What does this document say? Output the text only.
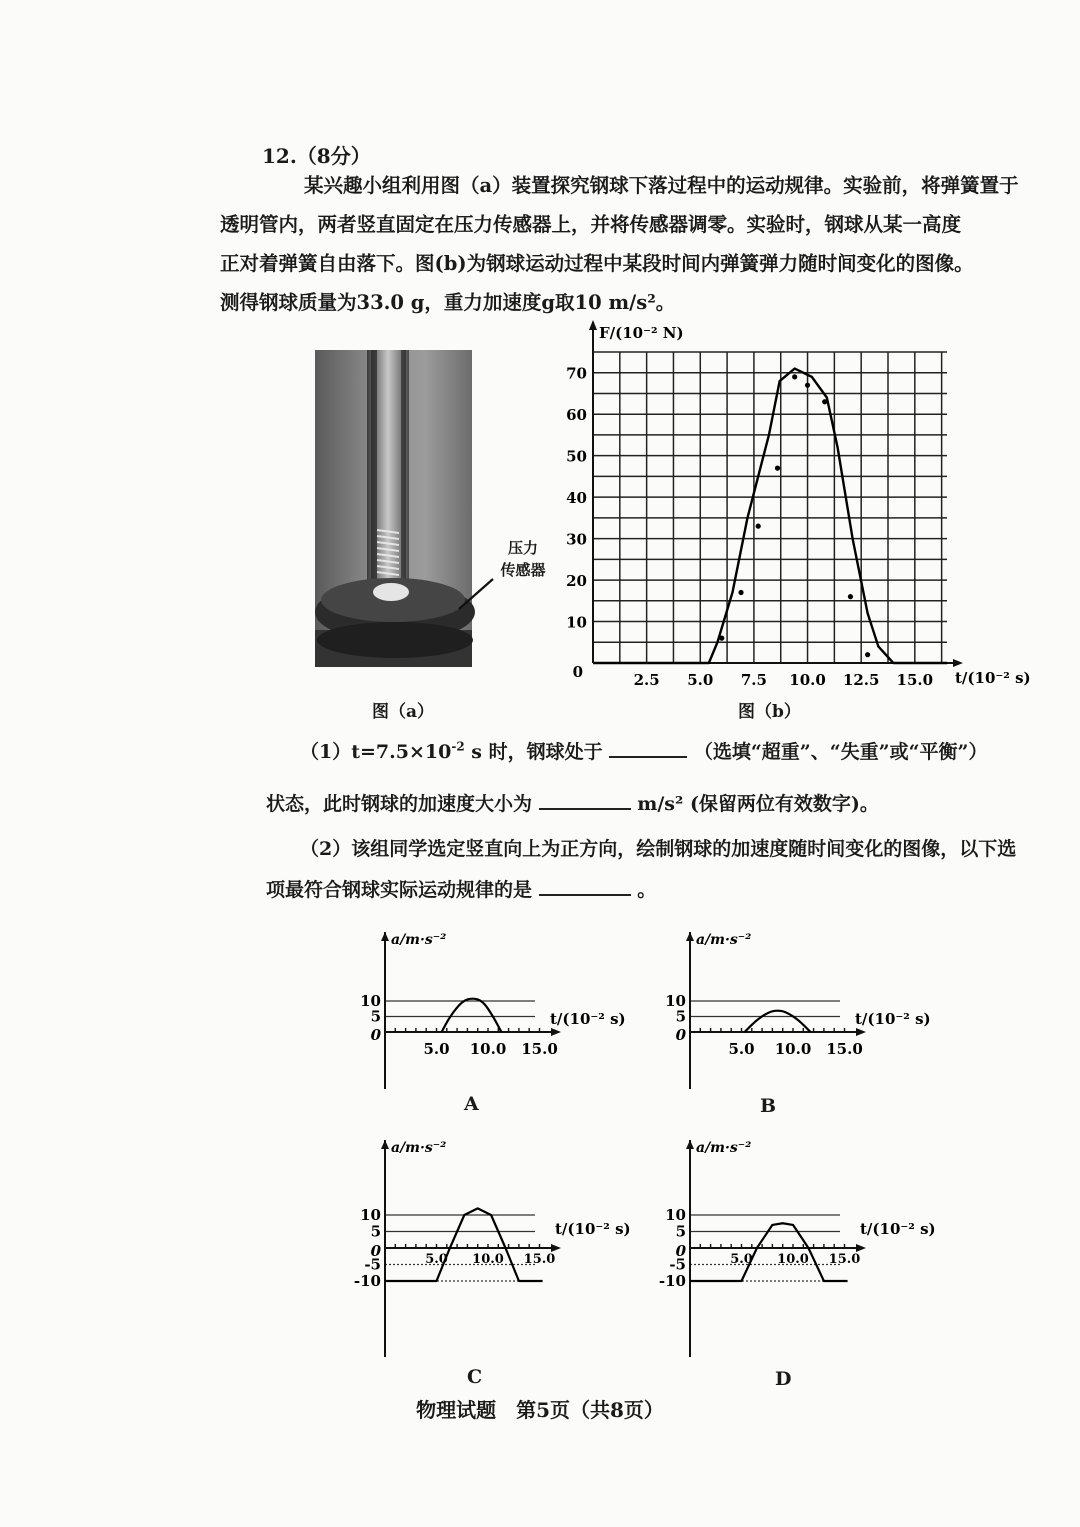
12.（8分）
某兴趣小组利用图（a）装置探究钢球下落过程中的运动规律。实验前，将弹簧置于
透明管内，两者竖直固定在压力传感器上，并将传感器调零。实验时，钢球从某一高度
正对着弹簧自由落下。图(b)为钢球运动过程中某段时间内弹簧弹力随时间变化的图像。
测得钢球质量为33.0 g，重力加速度g取10 m/s²。
压力
传感器
图（a）
0
10
20
30
40
50
60
70
2.5 5.0 7.5 10.0 12.5 15.0
F/(10⁻² N)
t/(10⁻² s)
图（b）
$(1)t=7.5\times 10^{-2}$ s 时，钢球处于	（选填“超重”、“失重”或“平衡”）
状态，此时钢球的加速度大小为	m/s² (保留两位有效数字)。
（2）该组同学选定竖直向上为正方向，绘制钢球的加速度随时间变化的图像，以下选
项最符合钢球实际运动规律的是	。
0
5
10
5.0 10.0 15.0
a/m·s⁻²
t/(10⁻² s)
0
5
10
5.0 10.0 15.0
a/m·s⁻²
t/(10⁻² s)
-10
-5
0
5
10
5.0 10.0 15.0
a/m·s⁻²
t/(10⁻² s)
-10
-5
0
5
10
5.0 10.0 15.0
a/m·s⁻²
t/(10⁻² s)
A	B
C	D
物理试题　第5页（共8页）
